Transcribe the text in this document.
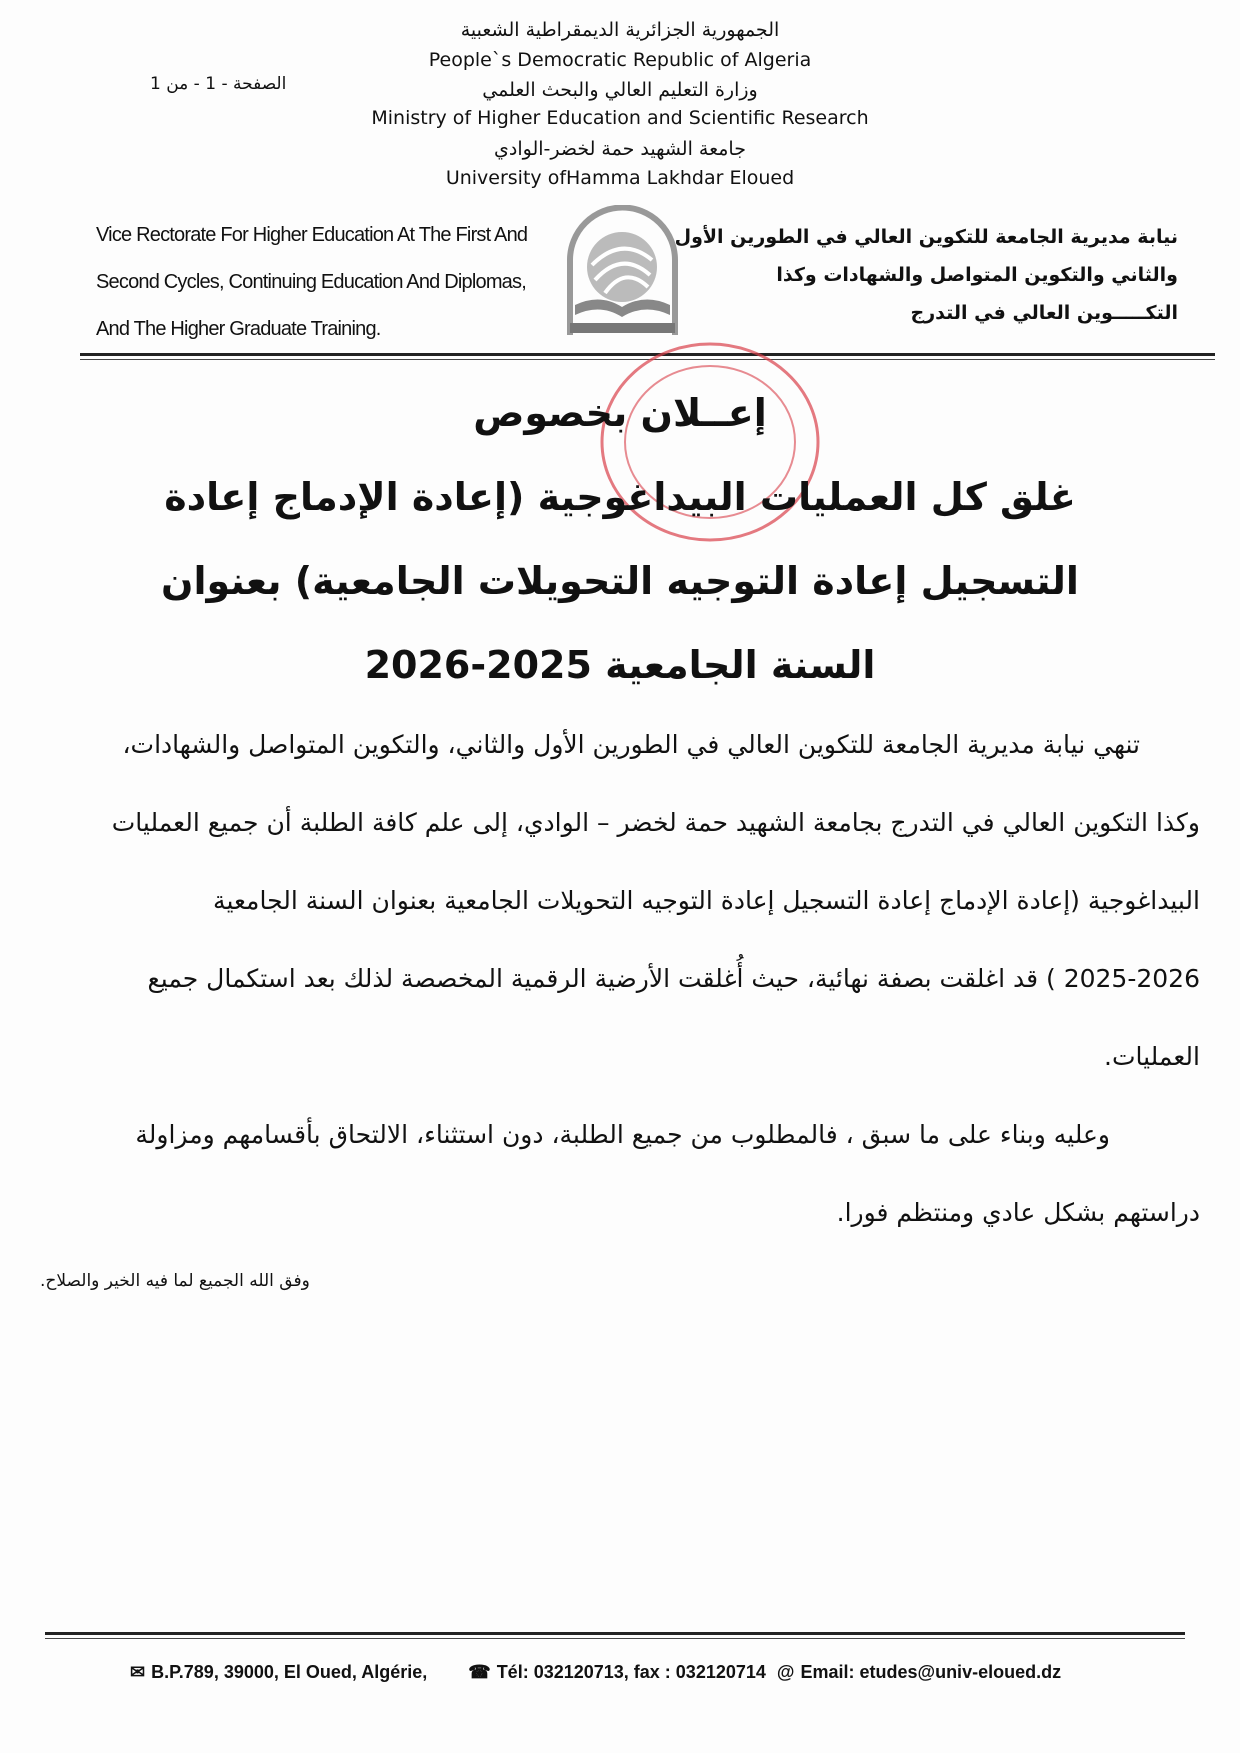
الجمهورية الجزائرية الديمقراطية الشعبية
People`s Democratic Republic of Algeria
وزارة التعليم العالي والبحث العلمي
Ministry of Higher Education and Scientific Research
جامعة الشهيد حمة لخضر-الوادي
University ofHamma Lakhdar Eloued
الصفحة - 1 - من 1
Vice Rectorate For Higher Education At The First And
Second Cycles, Continuing Education And Diplomas,
And The Higher Graduate Training.
نيابة مديرية الجامعة للتكوين العالي في الطورين الأول
والثاني والتكوين المتواصل والشهادات وكذا
التكـــــوين العالي في التدرج
إعــلان بخصوص
غلق كل العمليات البيداغوجية (إعادة الإدماج إعادة
التسجيل إعادة التوجيه التحويلات الجامعية) بعنوان
السنة الجامعية 2025-2026
تنهي نيابة مديرية الجامعة للتكوين العالي في الطورين الأول والثاني، والتكوين المتواصل والشهادات،
وكذا التكوين العالي في التدرج بجامعة الشهيد حمة لخضر – الوادي، إلى علم كافة الطلبة أن جميع العمليات
البيداغوجية (إعادة الإدماج إعادة التسجيل إعادة التوجيه التحويلات الجامعية بعنوان السنة الجامعية
2025-2026 ) قد اغلقت بصفة نهائية، حيث أُغلقت الأرضية الرقمية المخصصة لذلك بعد استكمال جميع
العمليات.
وعليه وبناء على ما سبق ، فالمطلوب من جميع الطلبة، دون استثناء، الالتحاق بأقسامهم ومزاولة
دراستهم بشكل عادي ومنتظم فورا.
وفق الله الجميع لما فيه الخير والصلاح.
✉ B.P.789, 39000, El Oued, Algérie, ☎ Tél: 032120713, fax : 032120714 @ Email: etudes@univ-eloued.dz
